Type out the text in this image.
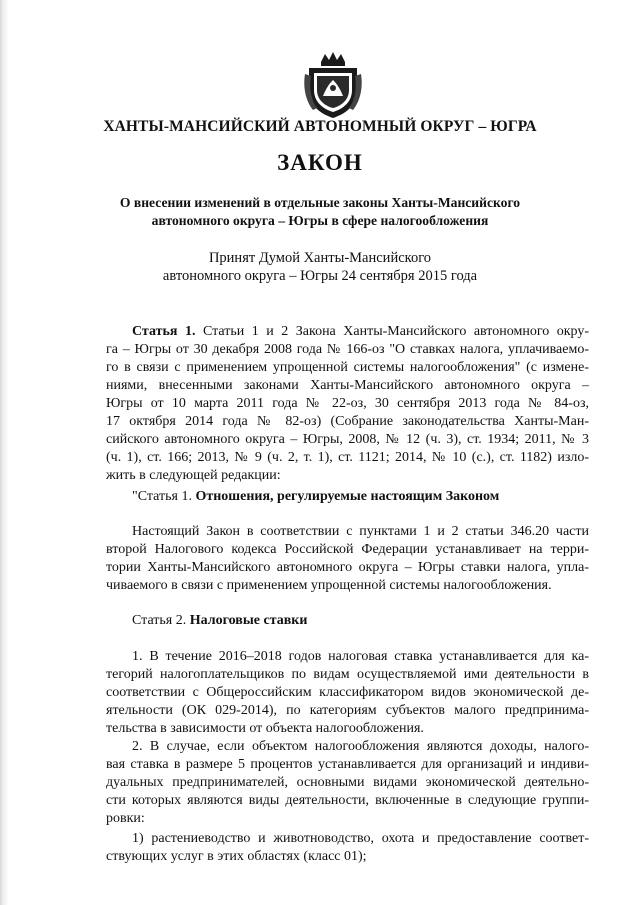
ХАНТЫ-МАНСИЙСКИЙ АВТОНОМНЫЙ ОКРУГ – ЮГРА
ЗАКОН
О внесении изменений в отдельные законы Ханты-Мансийского
автономного округа – Югры в сфере налогообложения
Принят Думой Ханты-Мансийского
автономного округа – Югры 24 сентября 2015 года
Статья 1. Статьи 1 и 2 Закона Ханты-Мансийского автономного окру-
га – Югры от 30 декабря 2008 года № 166-оз "О ставках налога, уплачиваемо-
го в связи с применением упрощенной системы налогообложения" (с измене-
ниями, внесенными законами Ханты-Мансийского автономного округа –
Югры от 10 марта 2011 года № 22-оз, 30 сентября 2013 года № 84-оз,
17 октября 2014 года № 82-оз) (Собрание законодательства Ханты-Ман-
сийского автономного округа – Югры, 2008, № 12 (ч. 3), ст. 1934; 2011, № 3
(ч. 1), ст. 166; 2013, № 9 (ч. 2, т. 1), ст. 1121; 2014, № 10 (с.), ст. 1182) изло-
жить в следующей редакции:
"Статья 1. Отношения, регулируемые настоящим Законом
Настоящий Закон в соответствии с пунктами 1 и 2 статьи 346.20 части
второй Налогового кодекса Российской Федерации устанавливает на терри-
тории Ханты-Мансийского автономного округа – Югры ставки налога, упла-
чиваемого в связи с применением упрощенной системы налогообложения.
Статья 2. Налоговые ставки
1. В течение 2016–2018 годов налоговая ставка устанавливается для ка-
тегорий налогоплательщиков по видам осуществляемой ими деятельности в
соответствии с Общероссийским классификатором видов экономической де-
ятельности (ОК 029-2014), по категориям субъектов малого предпринима-
тельства в зависимости от объекта налогообложения.
2. В случае, если объектом налогообложения являются доходы, налого-
вая ставка в размере 5 процентов устанавливается для организаций и индиви-
дуальных предпринимателей, основными видами экономической деятельно-
сти которых являются виды деятельности, включенные в следующие группи-
ровки:
1) растениеводство и животноводство, охота и предоставление соответ-
ствующих услуг в этих областях (класс 01);
